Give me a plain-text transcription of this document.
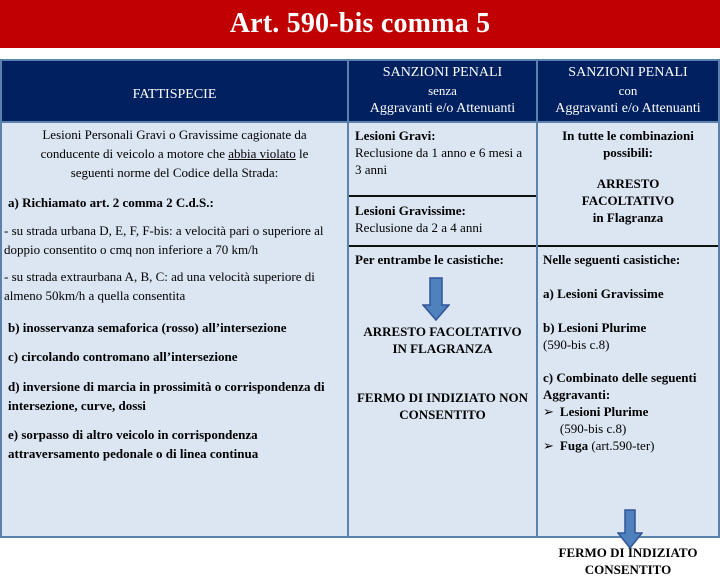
Art. 590-bis comma 5
FATTISPECIE
SANZIONI PENALI
senza
Aggravanti e/o Attenuanti
SANZIONI PENALI
con
Aggravanti e/o Attenuanti

Lesioni Personali Gravi o Gravissime cagionate da conducente di veicolo a motore che abbia violato le seguenti norme del Codice della Strada:

a) Richiamato art. 2 comma 2 C.d.S.:

- su strada urbana D, E, F, F-bis: a velocità pari o superiore al doppio consentito o cmq non inferiore a 70 km/h

- su strada extraurbana A, B, C: ad una velocità superiore di almeno 50km/h a quella consentita

b) inosservanza semaforica (rosso) all’intersezione

c) circolando contromano all’intersezione

d) inversione di marcia in prossimità o corrispondenza di intersezione, curve, dossi

e) sorpasso di altro veicolo in corrispondenza attraversamento pedonale o di linea continua

Lesioni Gravi:

Reclusione da 1 anno e 6 mesi a 3 anni

Lesioni Gravissime:

Reclusione da 2 a 4 anni

Per entrambe le casistiche:

ARRESTO FACOLTATIVO IN FLAGRANZA

FERMO DI INDIZIATO NON CONSENTITO

In tutte le combinazioni possibili:

ARRESTO

FACOLTATIVO

in Flagranza

Nelle seguenti casistiche:

a) Lesioni Gravissime

b) Lesioni Plurime

(590-bis c.8)

c) Combinato delle seguenti Aggravanti:

➢ Lesioni Plurime
(590-bis c.8)
➢ Fuga (art.590-ter)

FERMO DI INDIZIATO

CONSENTITO
